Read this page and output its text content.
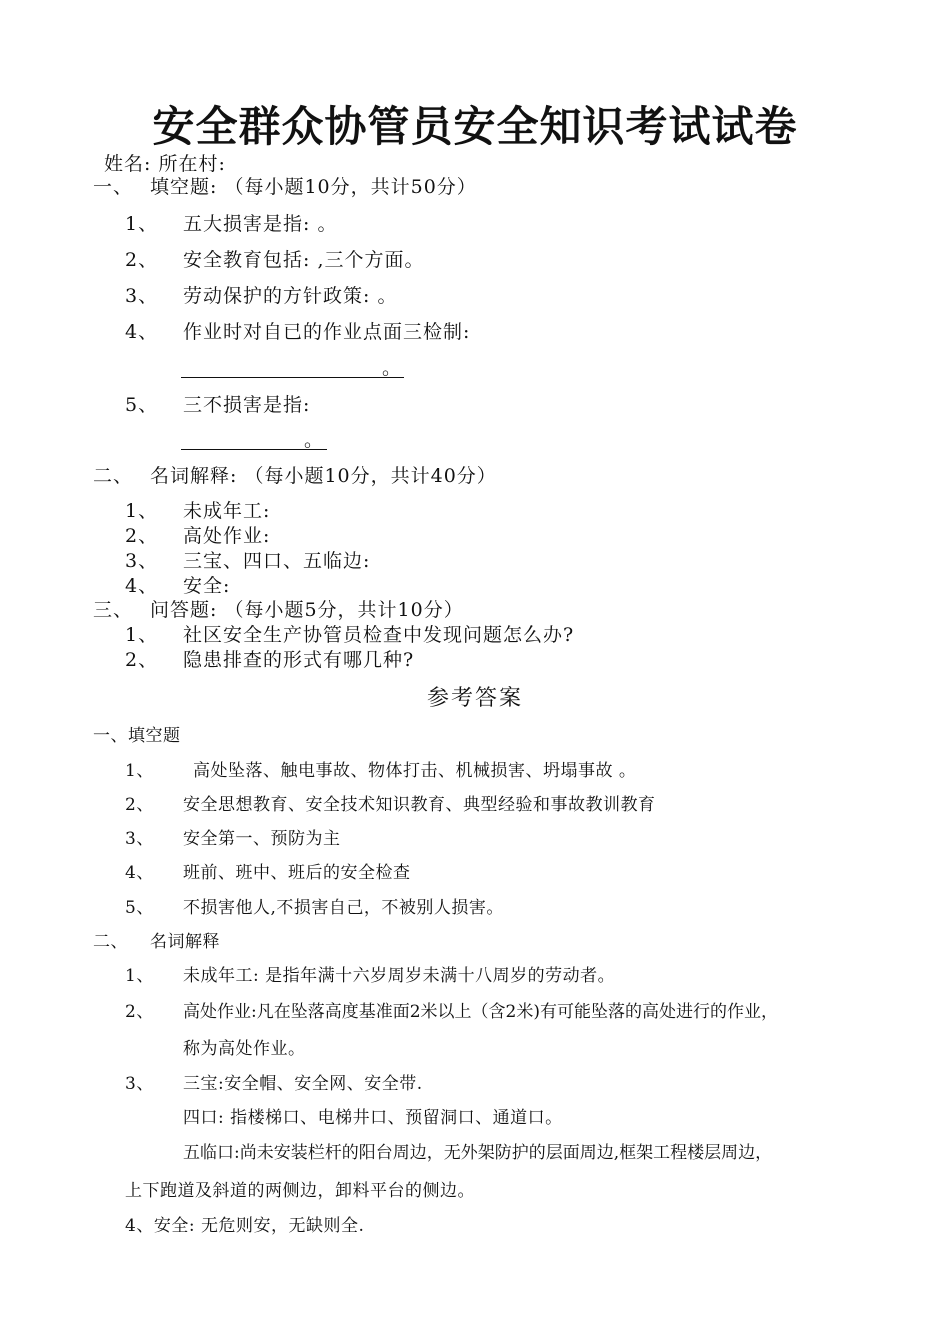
安全群众协管员安全知识考试试卷
姓名: 所在村:
一、 填空题: （每小题10分，共计50分）
1、 五大损害是指: 。
2、 安全教育包括: ,三个方面。
3、 劳动保护的方针政策: 。
4、 作业时对自已的作业点面三检制:
。
5、 三不损害是指:
。
二、 名词解释: （每小题10分，共计40分）
1、 未成年工:
2、 高处作业:
3、 三宝、四口、五临边:
4、 安全:
三、 问答题: （每小题5分，共计10分）
1、 社区安全生产协管员检查中发现问题怎么办?
2、 隐患排查的形式有哪几种?
参考答案
一、填空题
1、 高处坠落、触电事故、物体打击、机械损害、坍塌事故 。
2、 安全思想教育、安全技术知识教育、典型经验和事故教训教育
3、 安全第一、预防为主
4、 班前、班中、班后的安全检查
5、 不损害他人,不损害自己，不被别人损害。
二、 名词解释
1、 未成年工: 是指年满十六岁周岁未满十八周岁的劳动者。
2、 高处作业:凡在坠落高度基准面2米以上（含2米)有可能坠落的高处进行的作业，
称为高处作业。
3、 三宝:安全帽、安全网、安全带.
四口: 指楼梯口、电梯井口、预留洞口、通道口。
五临口:尚未安装栏杆的阳台周边，无外架防护的层面周边,框架工程楼层周边，
上下跑道及斜道的两侧边，卸料平台的侧边。
4、安全: 无危则安，无缺则全.
